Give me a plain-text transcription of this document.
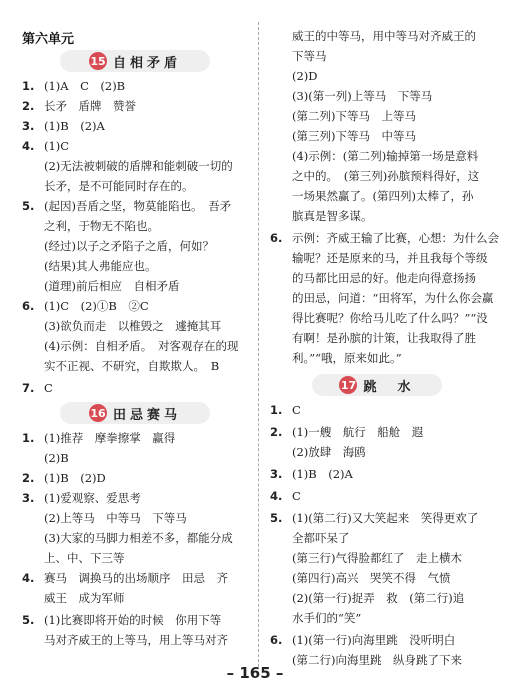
第六单元
15 自相矛盾
1. (1)A　C　(2)B
2. 长矛　盾牌　赞誉
3. (1)B　(2)A
4. (1)C
(2)无法被刺破的盾牌和能刺破一切的
长矛，是不可能同时存在的。
5. (起因)吾盾之坚，物莫能陷也。　吾矛
之利，于物无不陷也。
(经过)以子之矛陷子之盾，何如？
(结果)其人弗能应也。
(道理)前后相应　自相矛盾
6. (1)C　(2)①B　②C
(3)欲负而走　以椎毁之　遽掩其耳
(4)示例：自相矛盾。　对客观存在的现
实不正视、不研究，自欺欺人。　B
7. C
16 田忌赛马
1. (1)推荐　摩拳擦掌　赢得
(2)B
2. (1)B　(2)D
3. (1)爱观察、爱思考
(2)上等马　中等马　下等马
(3)大家的马脚力相差不多，都能分成
上、中、下三等
4. 赛马　调换马的出场顺序　田忌　齐
威王　成为军师
5. (1)比赛即将开始的时候　你用下等
马对齐威王的上等马，用上等马对齐
威王的中等马，用中等马对齐威王的
下等马
(2)D
(3)(第一列)上等马　下等马
(第二列)下等马　上等马
(第三列)下等马　中等马
(4)示例：(第二列)输掉第一场是意料
之中的。　(第三列)孙膑预料得好，这
一场果然赢了。(第四列)太棒了，孙
膑真是智多谋。
6. 示例：齐威王输了比赛，心想：为什么会
输呢？还是原来的马，并且我每个等级
的马都比田忌的好。他走向得意扬扬
的田忌，问道：“田将军，为什么你会赢
得比赛呢？你给马儿吃了什么吗？”“没
有啊！是孙膑的计策，让我取得了胜
利。”“哦，原来如此。”
17 跳　水
1. C
2. (1)一艘　航行　船舱　遐
(2)放肆　海鸥
3. (1)B　(2)A
4. C
5. (1)(第二行)又大笑起来　笑得更欢了
全都吓呆了
(第三行)气得脸都红了　走上横木
(第四行)高兴　哭笑不得　气愤
(2)(第一行)捉弄　救　(第二行)追
水手们的“笑”
6. (1)(第一行)向海里跳　没听明白
(第二行)向海里跳　纵身跳了下来
– 165 –
